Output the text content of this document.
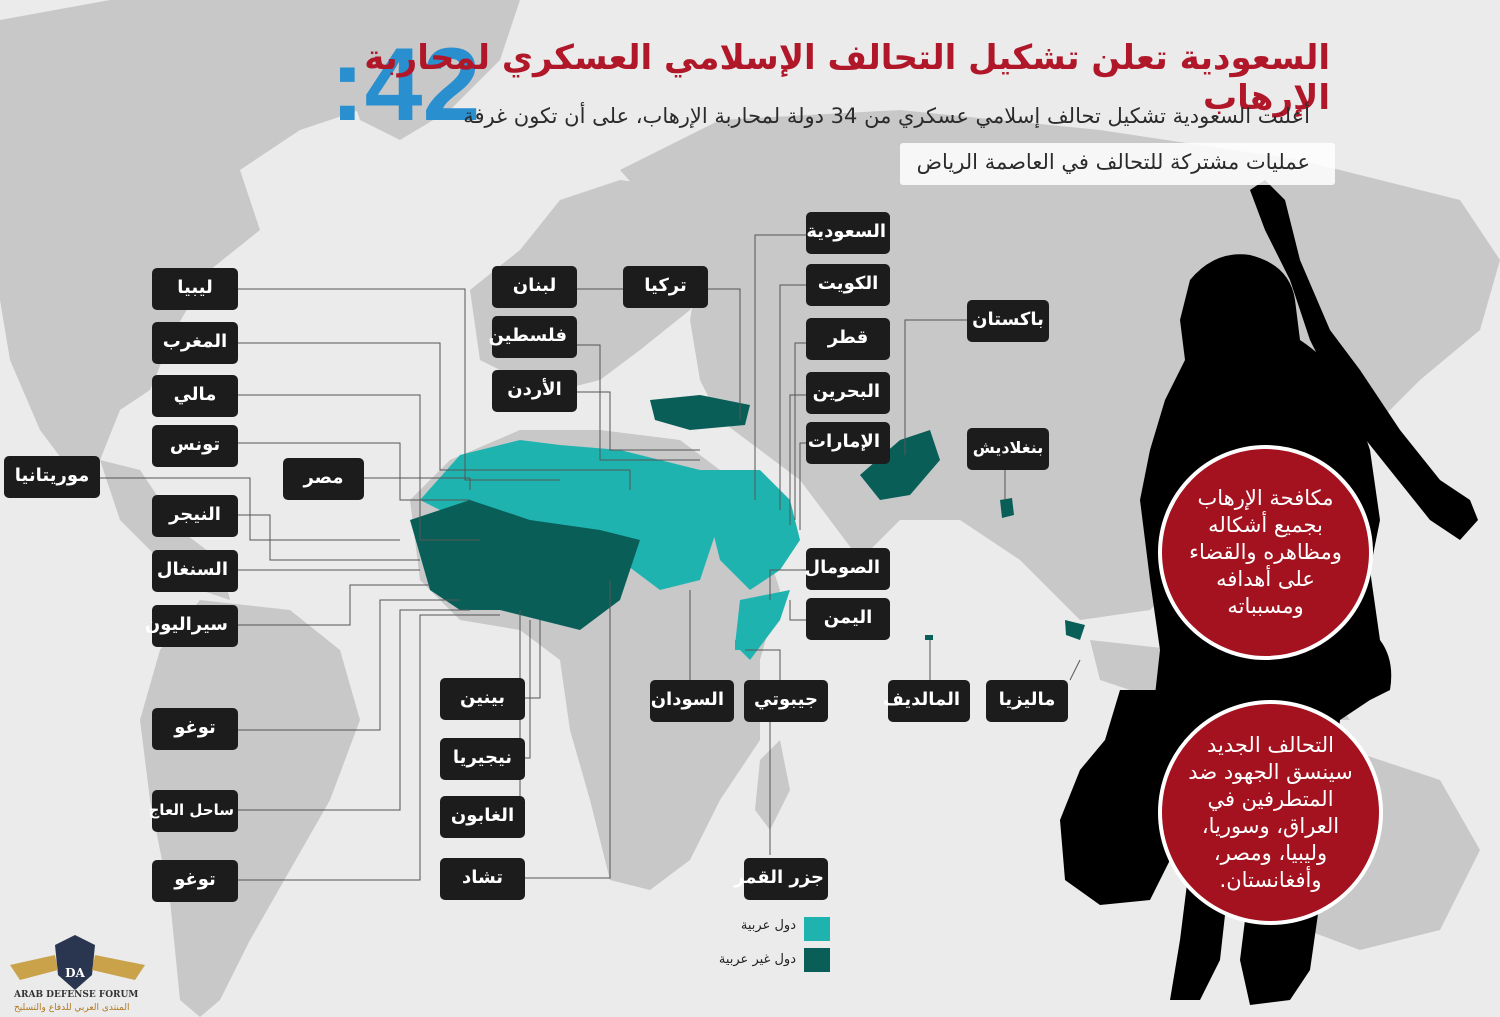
24:
السعودية تعلن تشكيل التحالف الإسلامي العسكري لمحاربة الإرهاب
أعلنت السعودية تشكيل تحالف إسلامي عسكري من 34 دولة لمحاربة الإرهاب، على أن تكون غرفة
عمليات مشتركة للتحالف في العاصمة الرياض
ليبيا
المغرب
مالي
تونس
مصر
موريتانيا
النيجر
السنغال
سيراليون
توغو
ساحل العاج
توغو
بينين
نيجيريا
الغابون
تشاد
لبنان
فلسطين
الأردن
تركيا
السعودية
الكويت
قطر
البحرين
الإمارات
باكستان
بنغلاديش
الصومال
اليمن
السودان	جيبوتي
جزر القمر
المالديف	ماليزيا
مكافحة الإرهاب بجميع أشكاله ومظاهره والقضاء على أهدافه ومسبباته
التحالف الجديد سينسق الجهود ضد المتطرفين في العراق، وسوريا، وليبيا، ومصر، وأفغانستان.
دول عربية
دول غير عربية
DA
ARAB DEFENSE FORUM
المنتدى العربي للدفاع والتسليح
